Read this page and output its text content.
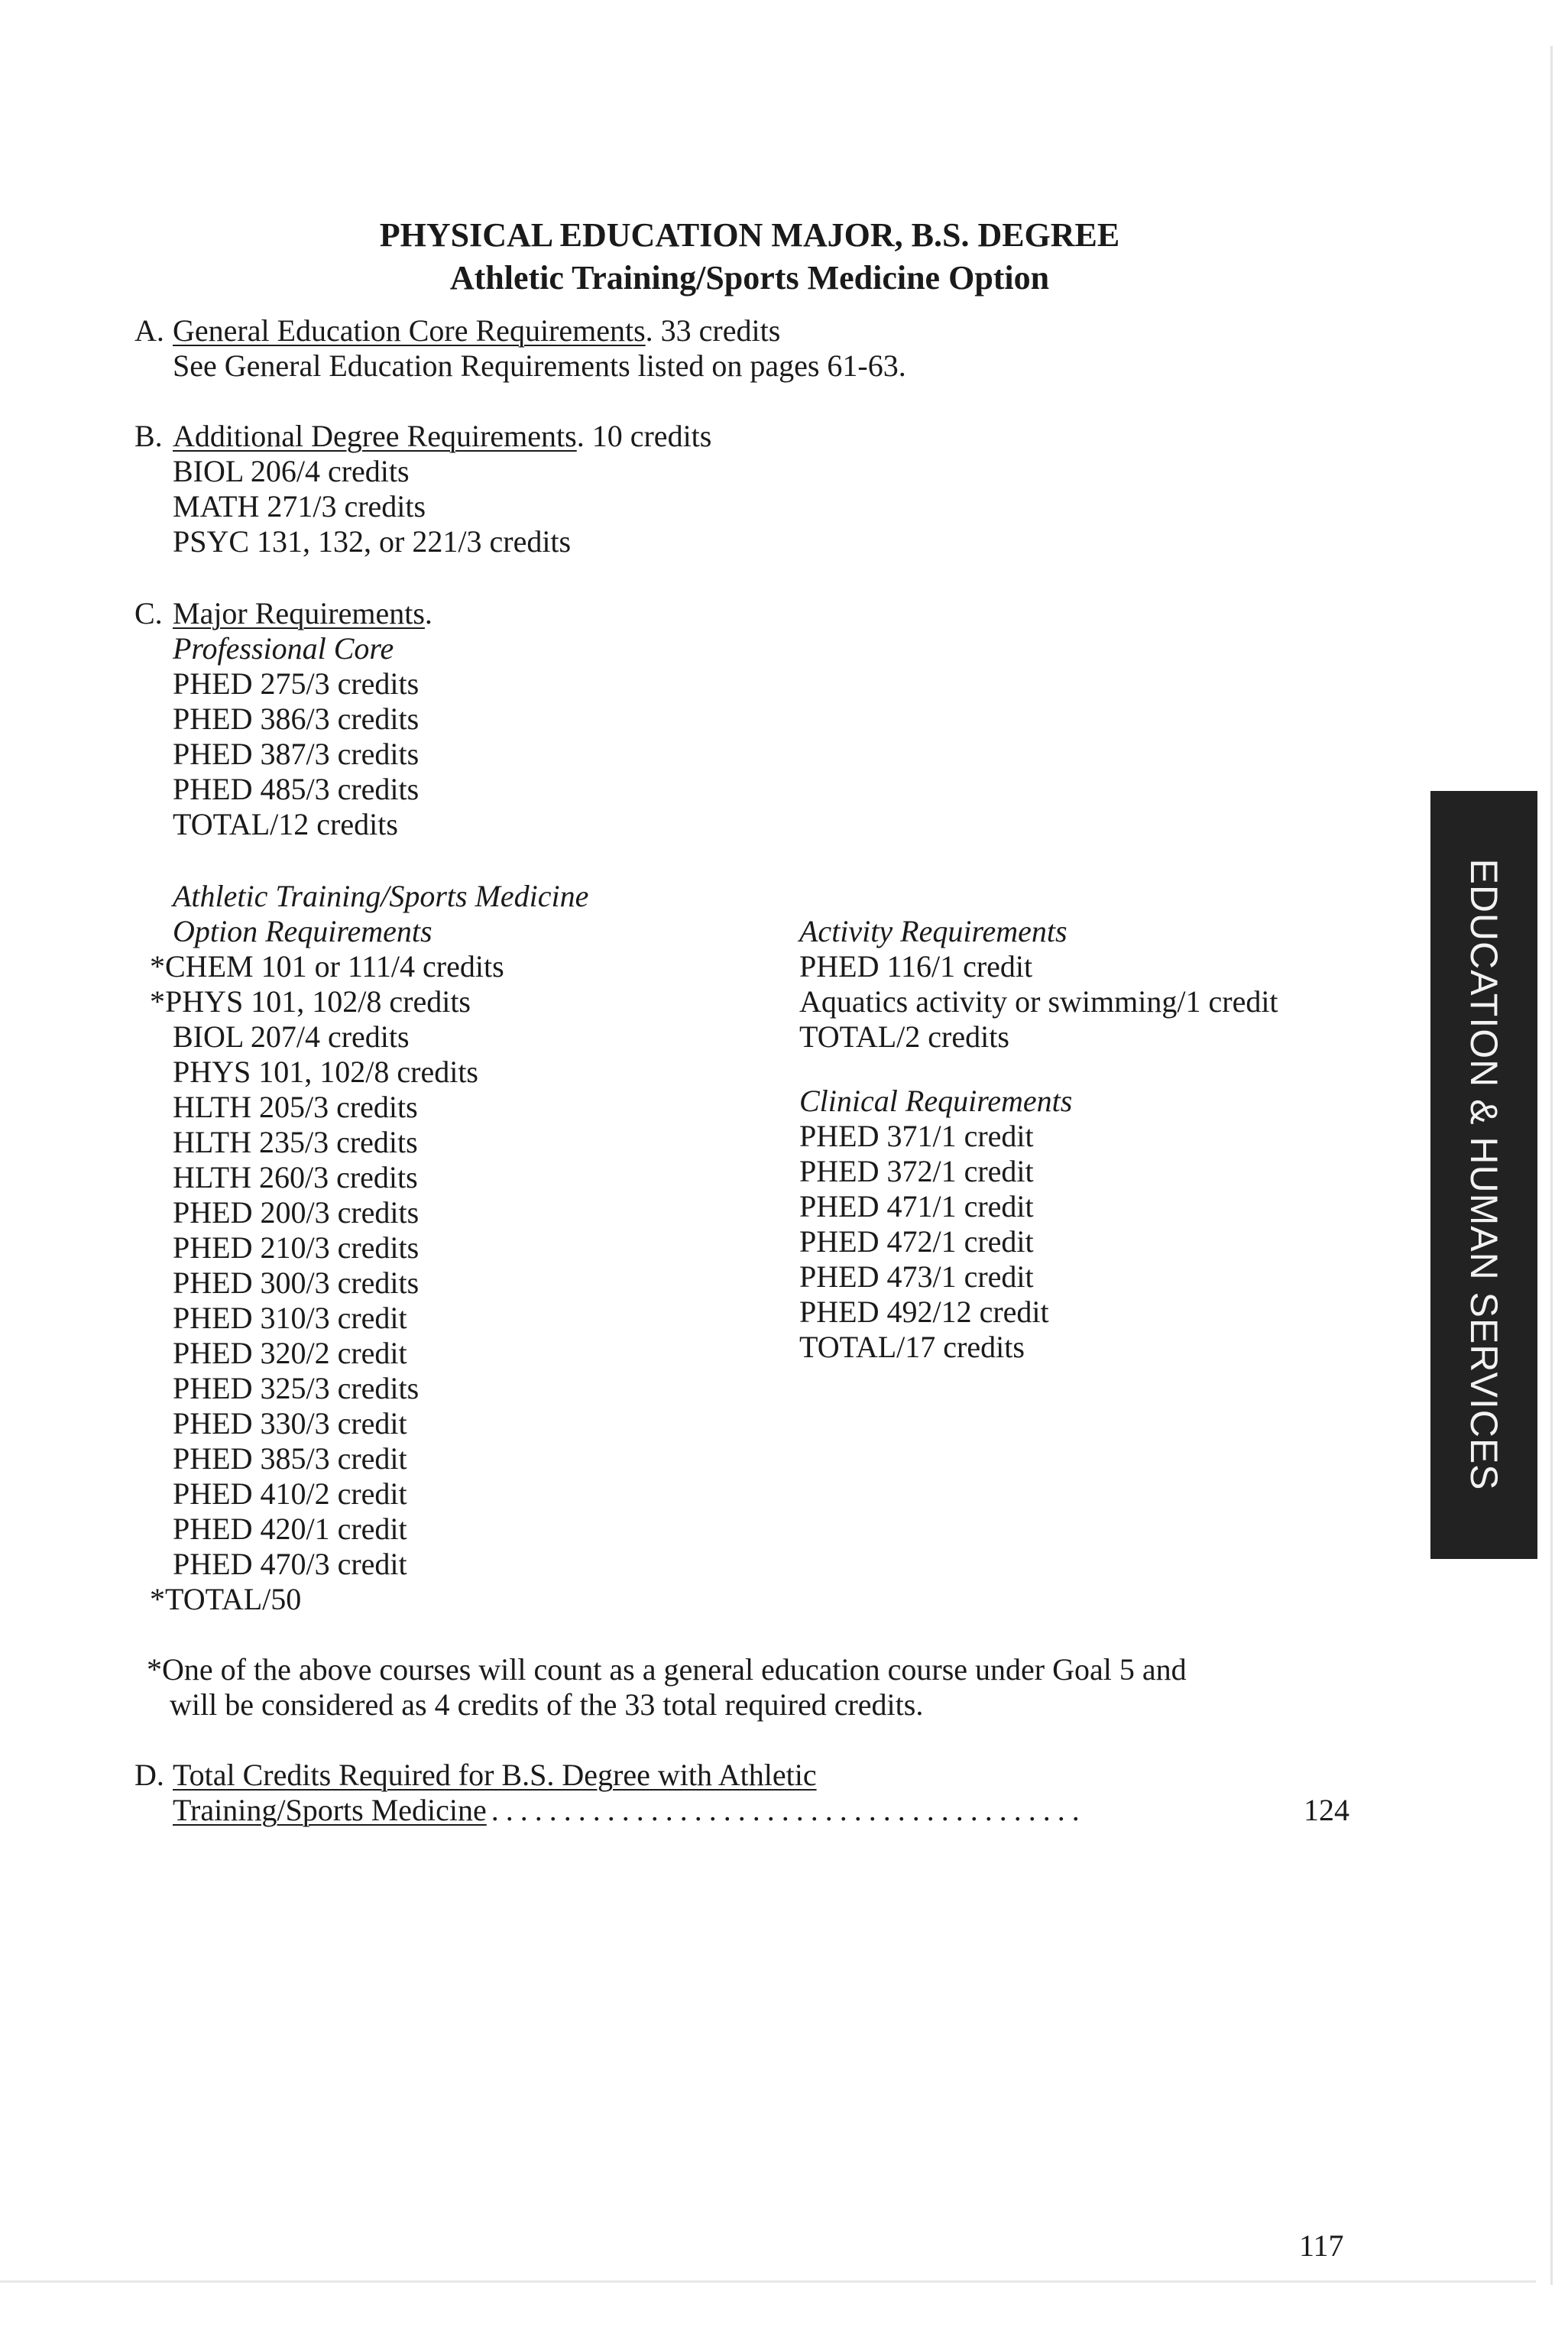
PHYSICAL EDUCATION MAJOR, B.S. DEGREE
Athletic Training/Sports Medicine Option
A. General Education Core Requirements. 33 credits
See General Education Requirements listed on pages 61-63.
B. Additional Degree Requirements. 10 credits
BIOL 206/4 credits
MATH 271/3 credits
PSYC 131, 132, or 221/3 credits
C. Major Requirements.
Professional Core
PHED 275/3 credits
PHED 386/3 credits
PHED 387/3 credits
PHED 485/3 credits
TOTAL/12 credits
Athletic Training/Sports Medicine
Option Requirements
*CHEM 101 or 111/4 credits
*PHYS 101, 102/8 credits
BIOL 207/4 credits
PHYS 101, 102/8 credits
HLTH 205/3 credits
HLTH 235/3 credits
HLTH 260/3 credits
PHED 200/3 credits
PHED 210/3 credits
PHED 300/3 credits
PHED 310/3 credit
PHED 320/2 credit
PHED 325/3 credits
PHED 330/3 credit
PHED 385/3 credit
PHED 410/2 credit
PHED 420/1 credit
PHED 470/3 credit
*TOTAL/50
Activity Requirements
PHED 116/1 credit
Aquatics activity or swimming/1 credit
TOTAL/2 credits
Clinical Requirements
PHED 371/1 credit
PHED 372/1 credit
PHED 471/1 credit
PHED 472/1 credit
PHED 473/1 credit
PHED 492/12 credit
TOTAL/17 credits
*One of the above courses will count as a general education course under Goal 5 and
will be considered as 4 credits of the 33 total required credits.
D. Total Credits Required for B.S. Degree with Athletic
Training/Sports Medicine .........................................	124
EDUCATION & HUMAN SERVICES
117
